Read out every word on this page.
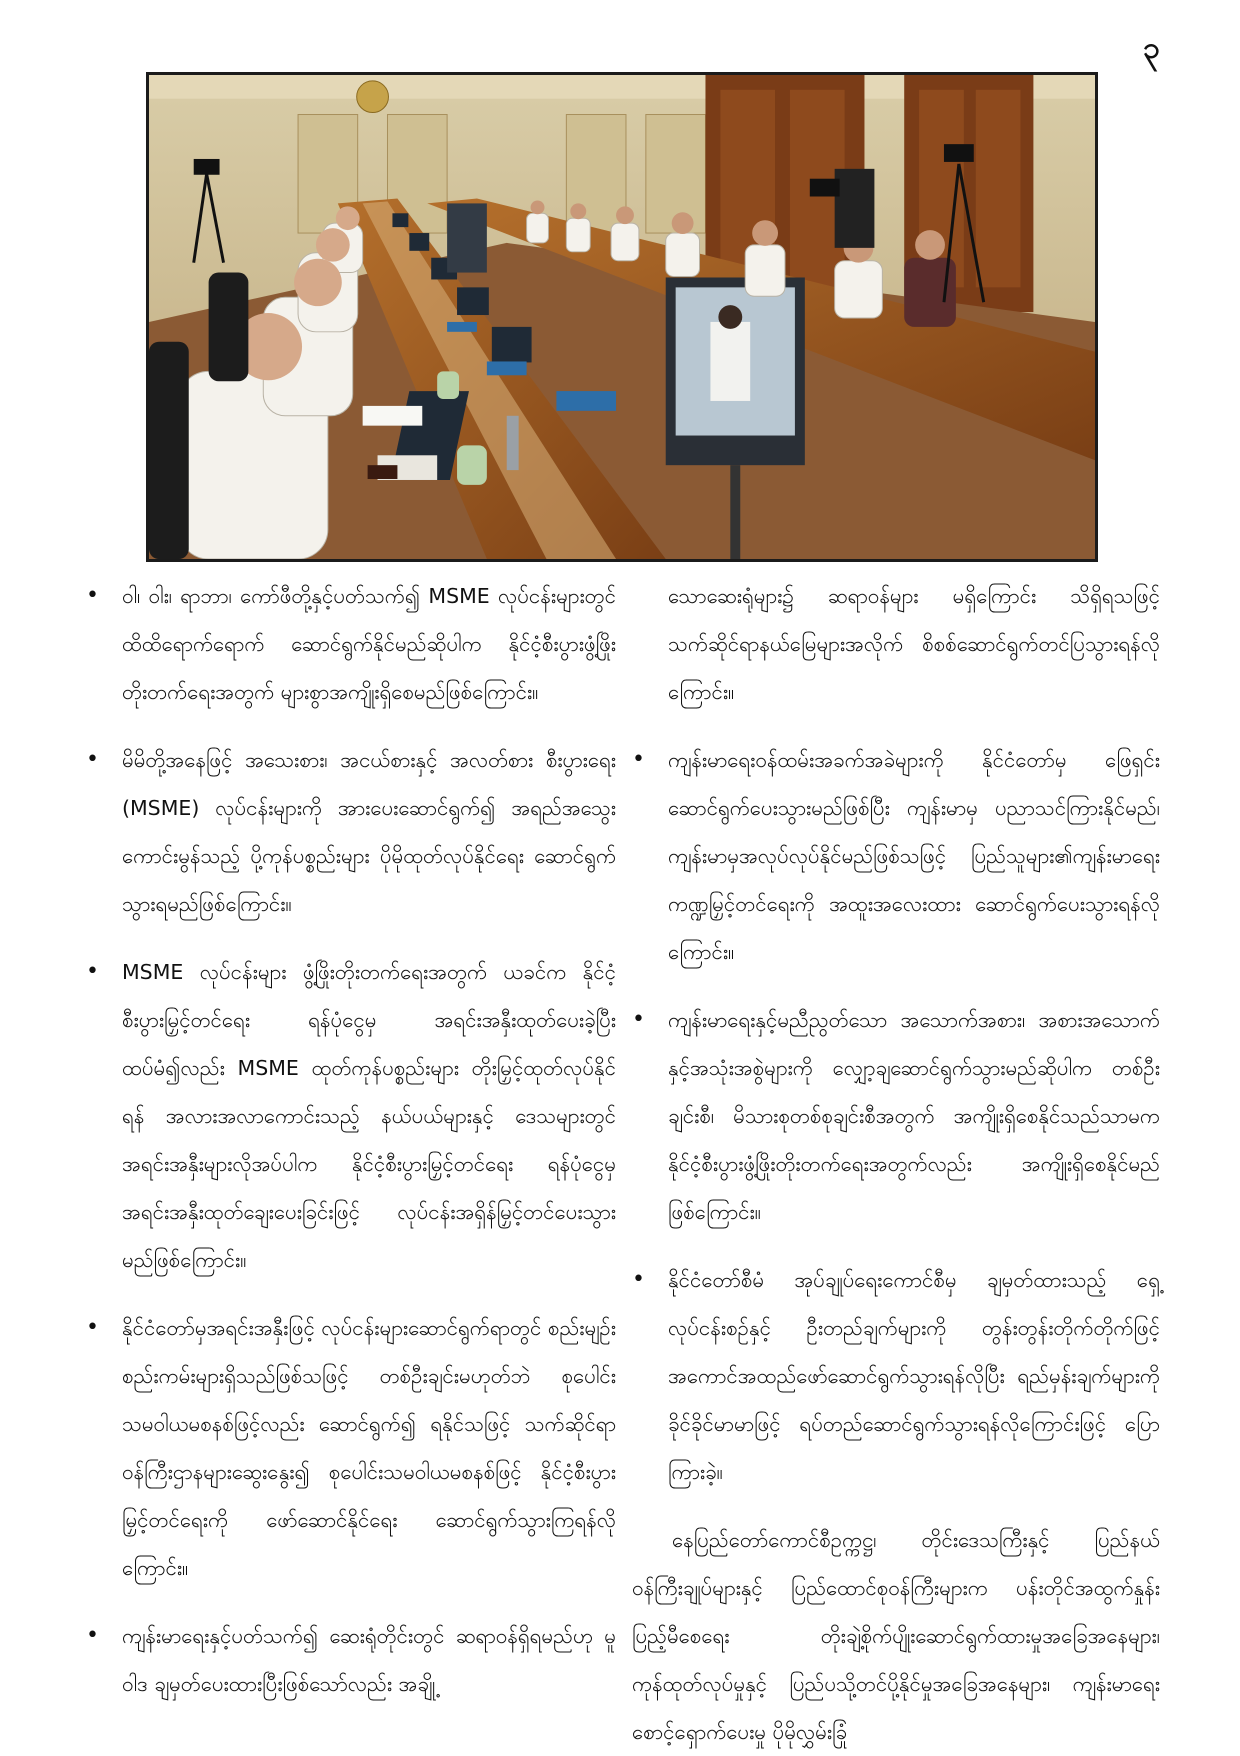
၃
• ဝါ၊ ဝါး၊ ရာဘာ၊ ကော်ဖီတို့နှင့်ပတ်သက်၍ MSME လုပ်ငန်းများတွင် ထိထိရောက်ရောက် ဆောင်ရွက်နိုင်မည်ဆိုပါက နိုင်ငံ့စီးပွားဖွံ့ဖြိုးတိုးတက်ရေးအတွက် များစွာအကျိုးရှိစေမည်ဖြစ်ကြောင်း။
• မိမိတို့အနေဖြင့် အသေးစား၊ အငယ်စားနှင့် အလတ်စား စီးပွားရေး (MSME) လုပ်ငန်းများကို အားပေးဆောင်ရွက်၍ အရည်အသွေးကောင်းမွန်သည့် ပို့ကုန်ပစ္စည်းများ ပိုမိုထုတ်လုပ်နိုင်ရေး ဆောင်ရွက်သွားရမည်ဖြစ်ကြောင်း။
• MSME လုပ်ငန်းများ ဖွံ့ဖြိုးတိုးတက်ရေးအတွက် ယခင်က နိုင်ငံ့စီးပွားမြှင့်တင်ရေး ရန်ပုံငွေမှ အရင်းအနှီးထုတ်ပေးခဲ့ပြီး ထပ်မံ၍လည်း MSME ထုတ်ကုန်ပစ္စည်းများ တိုးမြှင့်ထုတ်လုပ်နိုင်ရန် အလားအလာကောင်းသည့် နယ်ပယ်များနှင့် ဒေသများတွင် အရင်းအနှီးများလိုအပ်ပါက နိုင်ငံ့စီးပွားမြှင့်တင်ရေး ရန်ပုံငွေမှ အရင်းအနှီးထုတ်ချေးပေးခြင်းဖြင့် လုပ်ငန်းအရှိန်မြှင့်တင်ပေးသွားမည်ဖြစ်ကြောင်း။
• နိုင်ငံတော်မှအရင်းအနှီးဖြင့် လုပ်ငန်းများဆောင်ရွက်ရာတွင် စည်းမျဉ်းစည်းကမ်းများရှိသည်ဖြစ်သဖြင့် တစ်ဦးချင်းမဟုတ်ဘဲ စုပေါင်းသမဝါယမစနစ်ဖြင့်လည်း ဆောင်ရွက်၍ ရနိုင်သဖြင့် သက်ဆိုင်ရာဝန်ကြီးဌာနများဆွေးနွေး၍ စုပေါင်းသမဝါယမစနစ်ဖြင့် နိုင်ငံ့စီးပွားမြှင့်တင်ရေးကို ဖော်ဆောင်နိုင်ရေး ဆောင်ရွက်သွားကြရန်လိုကြောင်း။
• ကျန်းမာရေးနှင့်ပတ်သက်၍ ဆေးရုံတိုင်းတွင် ဆရာဝန်ရှိရမည်ဟု မူဝါဒ ချမှတ်ပေးထားပြီးဖြစ်သော်လည်း အချို့

သောဆေးရုံများ၌ ဆရာဝန်များ မရှိကြောင်း သိရှိရသဖြင့် သက်ဆိုင်ရာနယ်မြေများအလိုက် စိစစ်ဆောင်ရွက်တင်ပြသွားရန်လိုကြောင်း။

• ကျန်းမာရေးဝန်ထမ်းအခက်အခဲများကို နိုင်ငံတော်မှ ဖြေရှင်းဆောင်ရွက်ပေးသွားမည်ဖြစ်ပြီး ကျန်းမာမှ ပညာသင်ကြားနိုင်မည်၊ ကျန်းမာမှအလုပ်လုပ်နိုင်မည်ဖြစ်သဖြင့် ပြည်သူများ၏ကျန်းမာရေးကဏ္ဍမြှင့်တင်ရေးကို အထူးအလေးထား ဆောင်ရွက်ပေးသွားရန်လိုကြောင်း။
• ကျန်းမာရေးနှင့်မညီညွတ်သော အသောက်အစား၊ အစားအသောက်နှင့်အသုံးအစွဲများကို လျှော့ချဆောင်ရွက်သွားမည်ဆိုပါက တစ်ဦးချင်းစီ၊ မိသားစုတစ်စုချင်းစီအတွက် အကျိုးရှိစေနိုင်သည်သာမက နိုင်ငံ့စီးပွားဖွံ့ဖြိုးတိုးတက်ရေးအတွက်လည်း အကျိုးရှိစေနိုင်မည်ဖြစ်ကြောင်း။
• နိုင်ငံတော်စီမံ အုပ်ချုပ်ရေးကောင်စီမှ ချမှတ်ထားသည့် ရှေ့လုပ်ငန်းစဉ်နှင့် ဦးတည်ချက်များကို တွန်းတွန်းတိုက်တိုက်ဖြင့် အကောင်အထည်ဖော်ဆောင်ရွက်သွားရန်လိုပြီး ရည်မှန်းချက်များကို ခိုင်ခိုင်မာမာဖြင့် ရပ်တည်ဆောင်ရွက်သွားရန်လိုကြောင်းဖြင့် ပြောကြားခဲ့။

နေပြည်တော်ကောင်စီဥက္ကဋ္ဌ၊ တိုင်းဒေသကြီးနှင့် ပြည်နယ်ဝန်ကြီးချုပ်များနှင့် ပြည်ထောင်စုဝန်ကြီးများက ပန်းတိုင်အထွက်နှုန်းပြည့်မီစေရေး တိုးချဲ့စိုက်ပျိုးဆောင်ရွက်ထားမှုအခြေအနေများ၊ ကုန်ထုတ်လုပ်မှုနှင့် ပြည်ပသို့တင်ပို့နိုင်မှုအခြေအနေများ၊ ကျန်းမာရေးစောင့်ရှောက်ပေးမှု ပိုမိုလွှမ်းခြုံ
